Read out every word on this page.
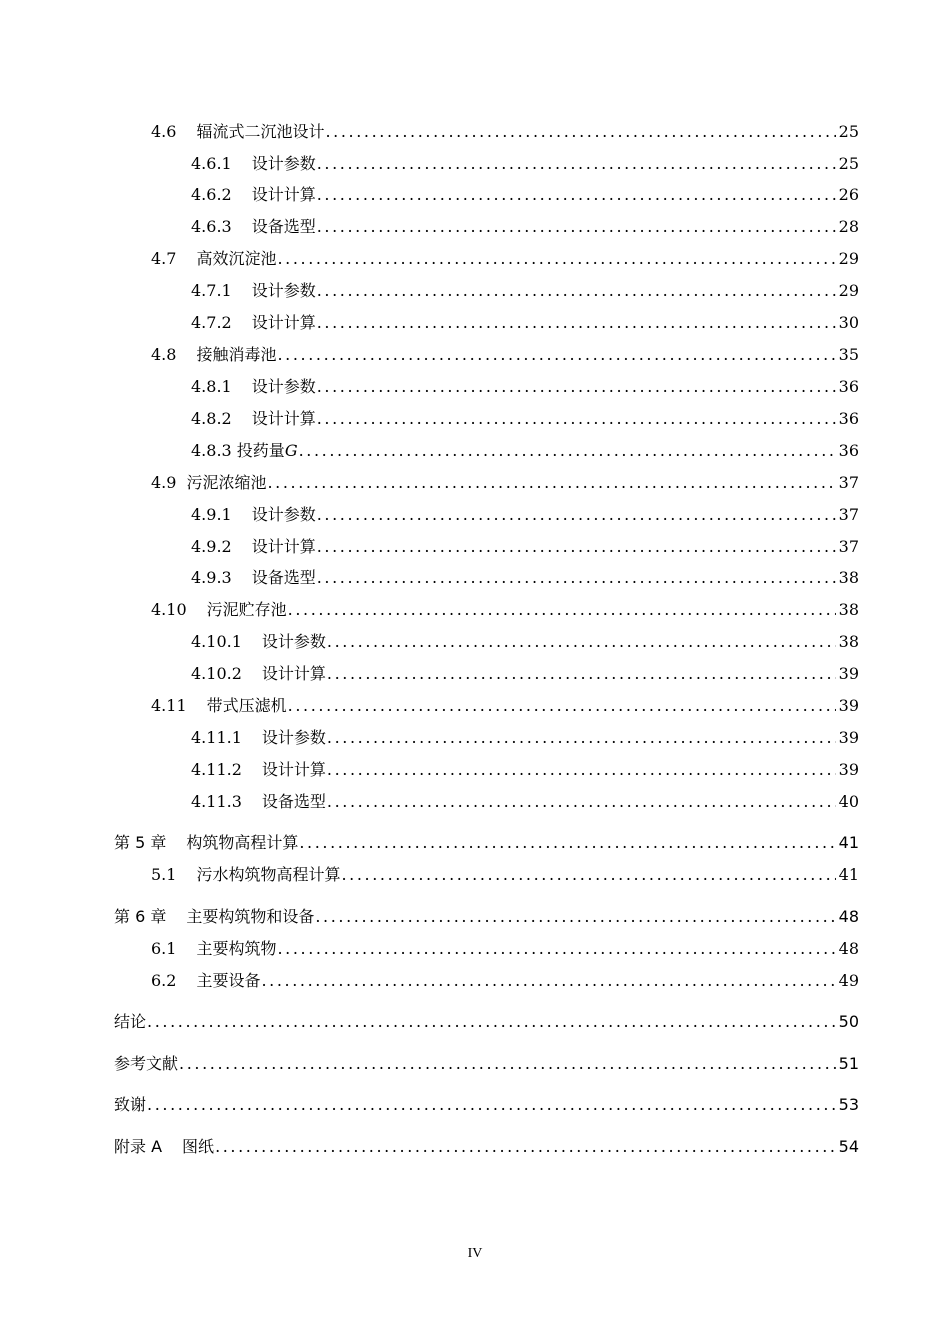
4.6 辐流式二沉池设计 .....	25
4.6.1 设计参数 .....	25
4.6.2 设计计算 .....	26
4.6.3 设备选型 .....	28
4.7 高效沉淀池 .....	29
4.7.1 设计参数 .....	29
4.7.2 设计计算 .....	30
4.8 接触消毒池 .....	35
4.8.1 设计参数 .....	36
4.8.2 设计计算 .....	36
4.8.3 投药量G .....	36
4.9 污泥浓缩池 .....	37
4.9.1 设计参数 .....	37
4.9.2 设计计算 .....	37
4.9.3 设备选型 .....	38
4.10 污泥贮存池 .....	38
4.10.1 设计参数 .....	38
4.10.2 设计计算 .....	39
4.11 带式压滤机 .....	39
4.11.1 设计参数 .....	39
4.11.2 设计计算 .....	39
4.11.3 设备选型 .....	40
第 5 章 构筑物高程计算 .....	41
5.1 污水构筑物高程计算 .....	41
第 6 章 主要构筑物和设备 .....	48
6.1 主要构筑物 .....	48
6.2 主要设备 .....	49
结论 .....	50
参考文献 .....	51
致谢 .....	53
附录 A 图纸 .....	54
IV
